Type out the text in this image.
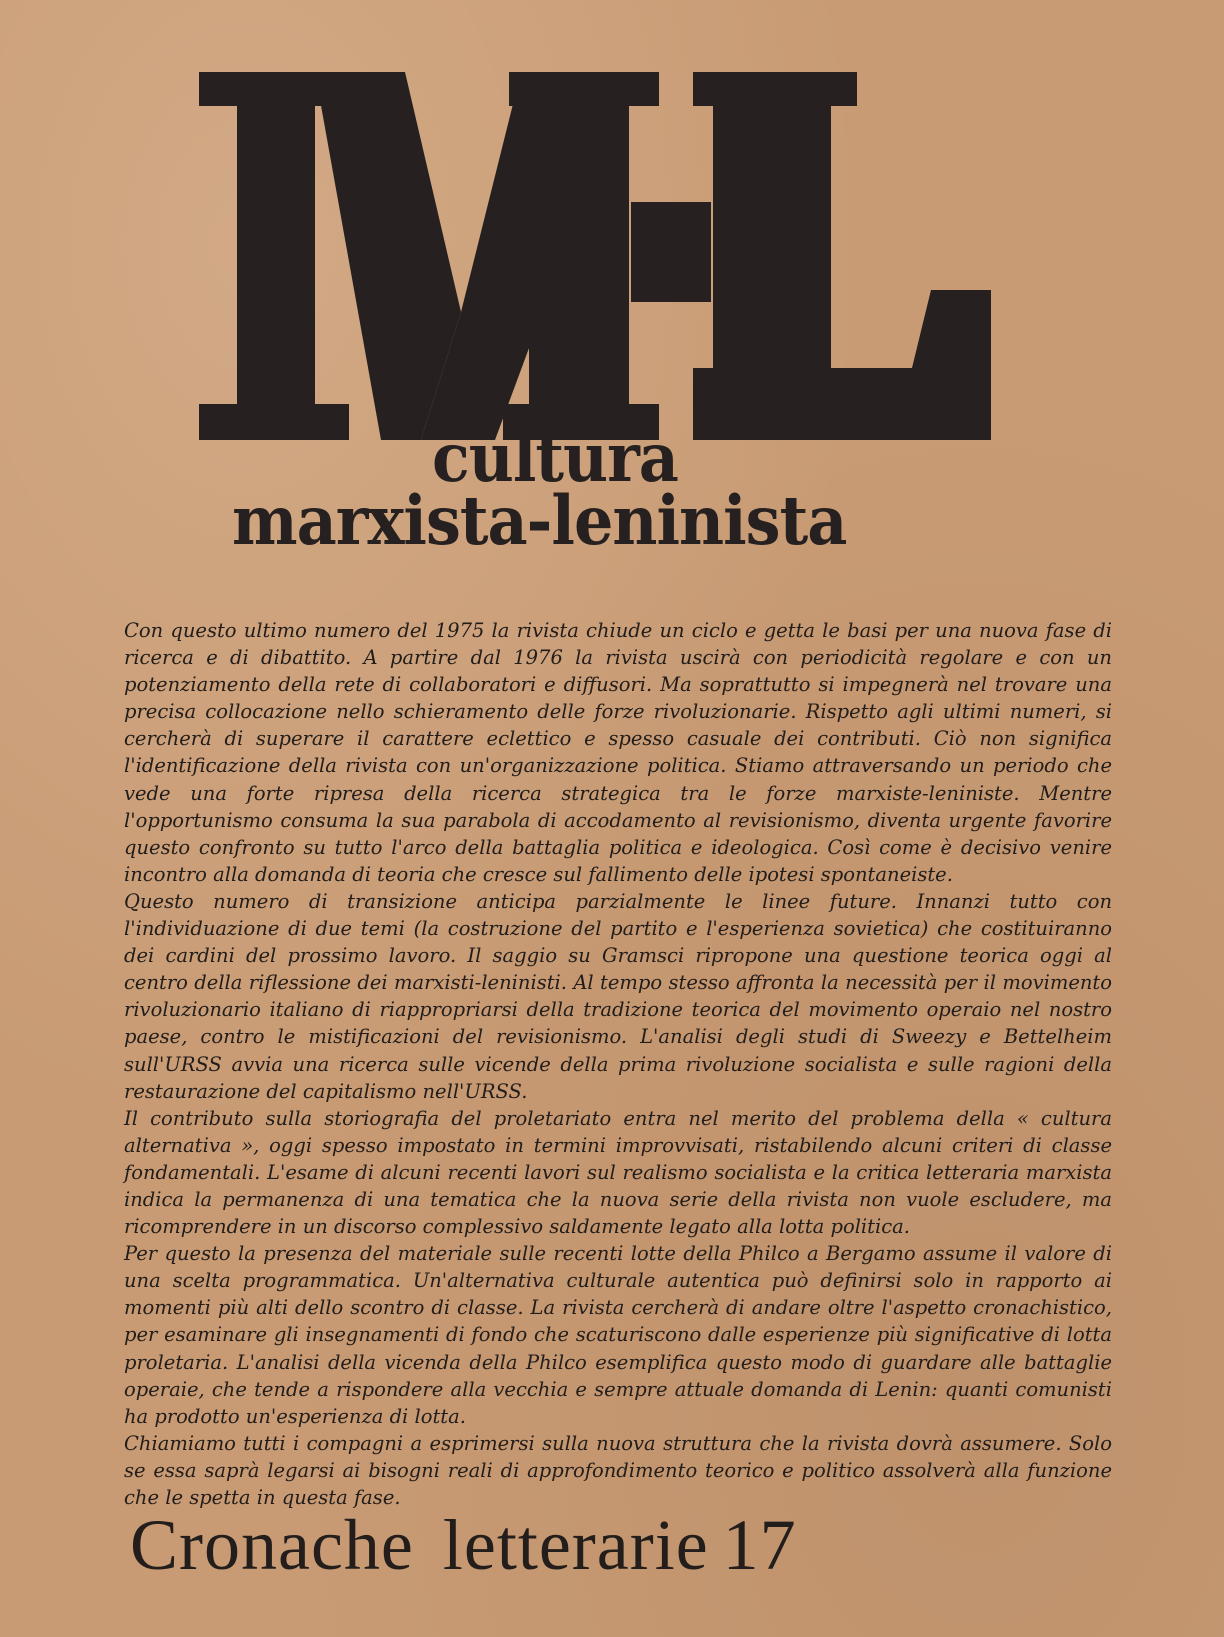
cultura
marxista-leninista

Con questo ultimo numero del 1975 la rivista chiude un ciclo e getta le basi per una nuova fase di ricerca e di dibattito. A partire dal 1976 la rivista uscirà con periodicità regolare e con un potenziamento della rete di collaboratori e diffusori. Ma soprattutto si impegnerà nel trovare una precisa collocazione nello schieramento delle forze rivoluzionarie. Rispetto agli ultimi numeri, si cercherà di superare il carattere eclettico e spesso casuale dei contributi. Ciò non significa l'identificazione della rivista con un'organizzazione politica. Stiamo attraversando un periodo che vede una forte ripresa della ricerca strategica tra le forze marxiste-leniniste. Mentre l'opportunismo consuma la sua parabola di accodamento al revisionismo, diventa urgente favorire questo confronto su tutto l'arco della battaglia politica e ideologica. Così come è decisivo venire incontro alla domanda di teoria che cresce sul fallimento delle ipotesi spontaneiste.

Questo numero di transizione anticipa parzialmente le linee future. Innanzi tutto con l'individuazione di due temi (la costruzione del partito e l'esperienza sovietica) che costituiranno dei cardini del prossimo lavoro. Il saggio su Gramsci ripropone una questione teorica oggi al centro della riflessione dei marxisti-leninisti. Al tempo stesso affronta la necessità per il movimento rivoluzionario italiano di riappropriarsi della tradizione teorica del movimento operaio nel nostro paese, contro le mistificazioni del revisionismo. L'analisi degli studi di Sweezy e Bettelheim sull'URSS avvia una ricerca sulle vicende della prima rivoluzione socialista e sulle ragioni della restaurazione del capitalismo nell'URSS.

Il contributo sulla storiografia del proletariato entra nel merito del problema della « cultura alternativa », oggi spesso impostato in termini improvvisati, ristabilendo alcuni criteri di classe fondamentali. L'esame di alcuni recenti lavori sul realismo socialista e la critica letteraria marxista indica la permanenza di una tematica che la nuova serie della rivista non vuole escludere, ma ricomprendere in un discorso complessivo saldamente legato alla lotta politica.

Per questo la presenza del materiale sulle recenti lotte della Philco a Bergamo assume il valore di una scelta programmatica. Un'alternativa culturale autentica può definirsi solo in rapporto ai momenti più alti dello scontro di classe. La rivista cercherà di andare oltre l'aspetto cronachistico, per esaminare gli insegnamenti di fondo che scaturiscono dalle esperienze più significative di lotta proletaria. L'analisi della vicenda della Philco esemplifica questo modo di guardare alle battaglie operaie, che tende a rispondere alla vecchia e sempre attuale domanda di Lenin: quanti comunisti ha prodotto un'esperienza di lotta.

Chiamiamo tutti i compagni a esprimersi sulla nuova struttura che la rivista dovrà assumere. Solo se essa saprà legarsi ai bisogni reali di approfondimento teorico e politico assolverà alla funzione che le spetta in questa fase.

Cronache letterarie 17
